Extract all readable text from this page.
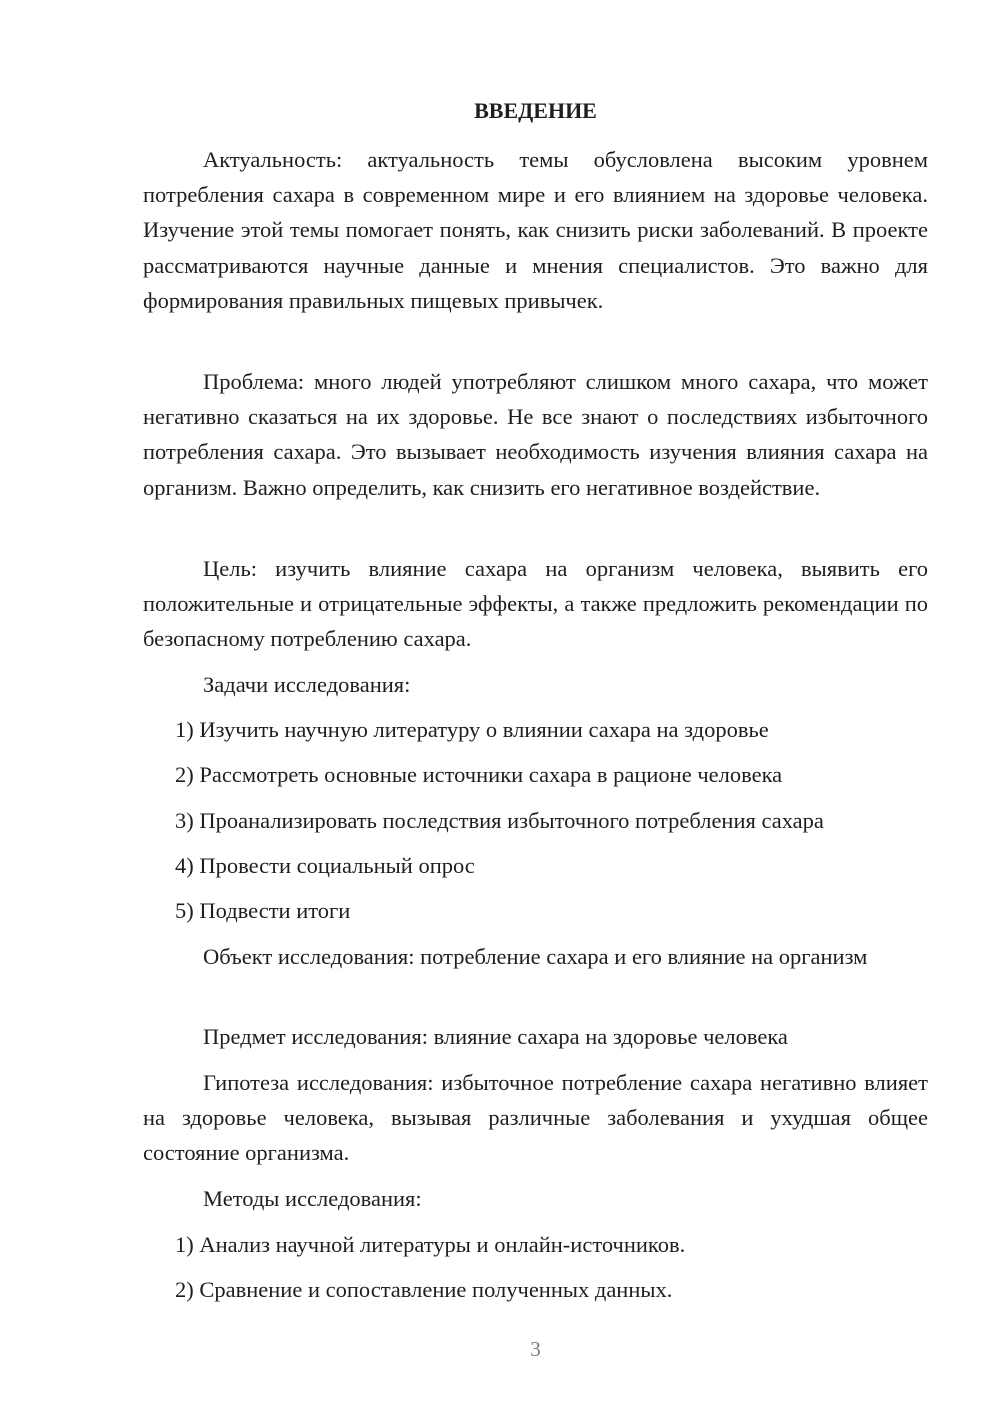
ВВЕДЕНИЕ

Актуальность: актуальность темы обусловлена высоким уровнем потребления сахара в современном мире и его влиянием на здоровье человека. Изучение этой темы помогает понять, как снизить риски заболеваний. В проекте рассматриваются научные данные и мнения специалистов. Это важно для формирования правильных пищевых привычек.

Проблема: много людей употребляют слишком много сахара, что может негативно сказаться на их здоровье. Не все знают о последствиях избыточного потребления сахара. Это вызывает необходимость изучения влияния сахара на организм. Важно определить, как снизить его негативное воздействие.

Цель: изучить влияние сахара на организм человека, выявить его положительные и отрицательные эффекты, а также предложить рекомендации по безопасному потреблению сахара.

Задачи исследования:

1) Изучить научную литературу о влиянии сахара на здоровье

2) Рассмотреть основные источники сахара в рационе человека

3) Проанализировать последствия избыточного потребления сахара

4) Провести социальный опрос

5) Подвести итоги

Объект исследования: потребление сахара и его влияние на организм

Предмет исследования: влияние сахара на здоровье человека

Гипотеза исследования: избыточное потребление сахара негативно влияет на здоровье человека, вызывая различные заболевания и ухудшая общее состояние организма.

Методы исследования:

1) Анализ научной литературы и онлайн-источников.

2) Сравнение и сопоставление полученных данных.

3
